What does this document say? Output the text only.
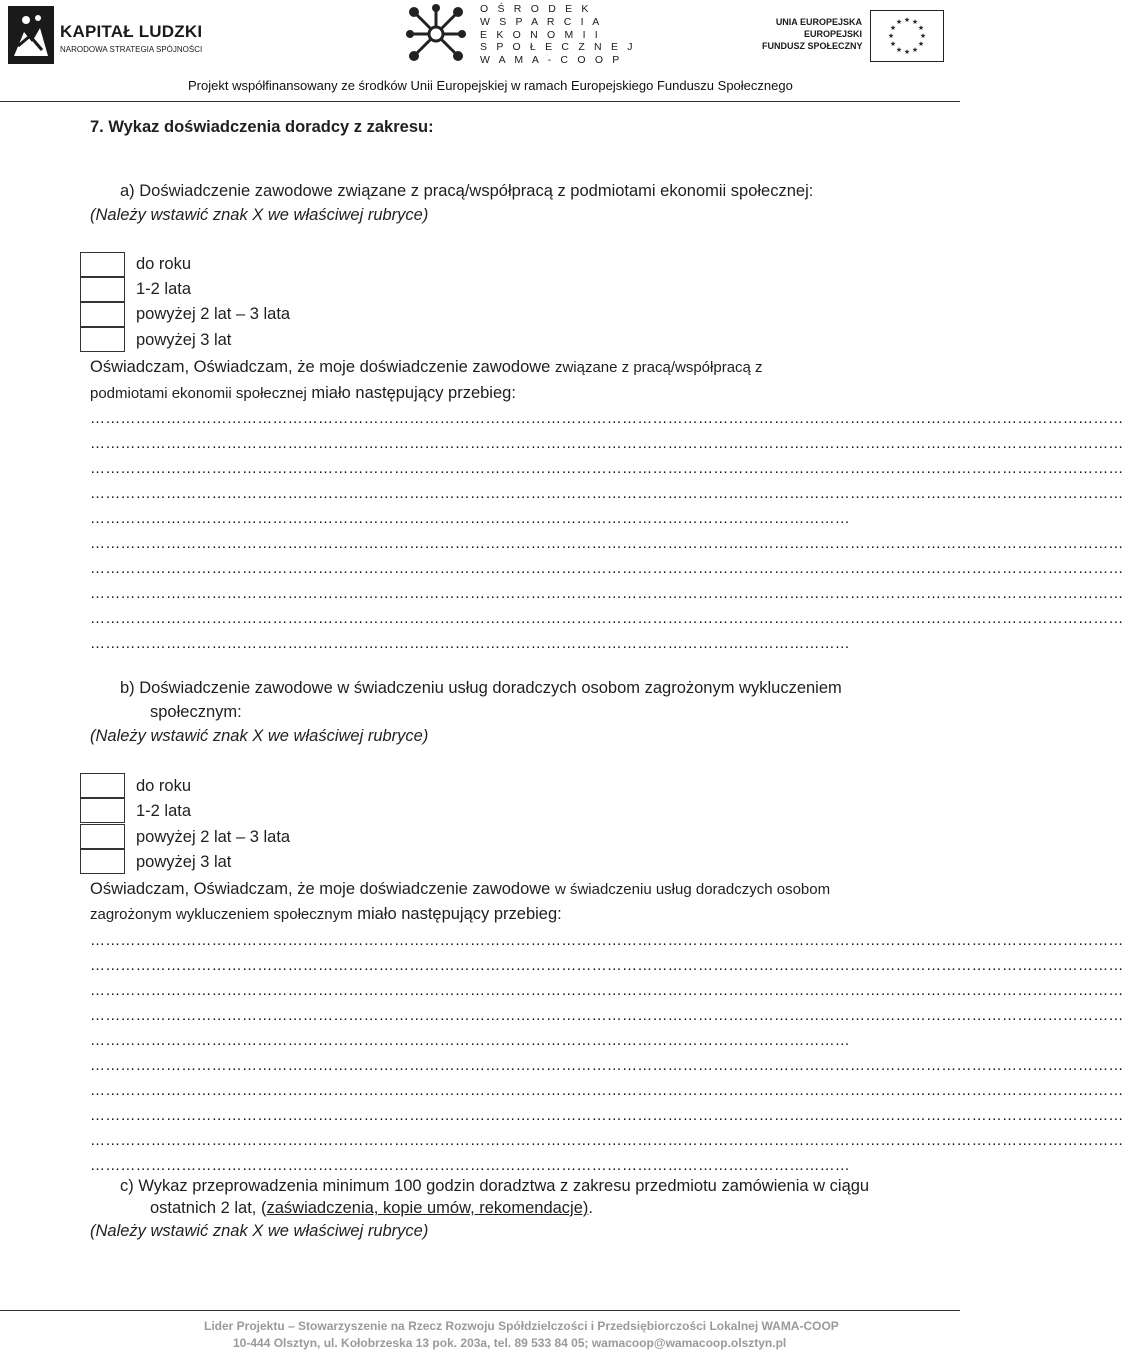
KAPITAŁ LUDZKI
NARODOWA STRATEGIA SPÓJNOŚCI
O Ś R O D E K
W S P A R C I A
E K O N O M I I
S P O Ł E C Z N E J
W A M A - C O O P
UNIA EUROPEJSKA
EUROPEJSKI
FUNDUSZ SPOŁECZNY
★ ★
★
★
★
★
★
★
★
★
★
★
Projekt współfinansowany ze środków Unii Europejskiej w ramach Europejskiego Funduszu Społecznego
7. Wykaz doświadczenia doradcy z zakresu:
a) Doświadczenie zawodowe związane z pracą/współpracą z podmiotami ekonomii społecznej:
(Należy wstawić znak X we właściwej rubryce)
do roku
1-2 lata
powyżej 2 lat – 3 lata
powyżej 3 lat
Oświadczam, Oświadczam, że moje doświadczenie zawodowe związane z pracą/współpracą z
podmiotami ekonomii społecznej miało następujący przebieg:
……………………………………………………………………………………………………………………………………………………………………………………
……………………………………………………………………………………………………………………………………………………………………………………
……………………………………………………………………………………………………………………………………………………………………………………
……………………………………………………………………………………………………………………………………………………………………………………
……………………………………………………………………………………………………………………………………
……………………………………………………………………………………………………………………………………………………………………………………
……………………………………………………………………………………………………………………………………………………………………………………
……………………………………………………………………………………………………………………………………………………………………………………
……………………………………………………………………………………………………………………………………………………………………………………
……………………………………………………………………………………………………………………………………
b) Doświadczenie zawodowe w świadczeniu usług doradczych osobom zagrożonym wykluczeniem
społecznym:
(Należy wstawić znak X we właściwej rubryce)
do roku
1-2 lata
powyżej 2 lat – 3 lata
powyżej 3 lat
Oświadczam, Oświadczam, że moje doświadczenie zawodowe w świadczeniu usług doradczych osobom
zagrożonym wykluczeniem społecznym miało następujący przebieg:
……………………………………………………………………………………………………………………………………………………………………………………
……………………………………………………………………………………………………………………………………………………………………………………
……………………………………………………………………………………………………………………………………………………………………………………
……………………………………………………………………………………………………………………………………………………………………………………
……………………………………………………………………………………………………………………………………
……………………………………………………………………………………………………………………………………………………………………………………
……………………………………………………………………………………………………………………………………………………………………………………
……………………………………………………………………………………………………………………………………………………………………………………
……………………………………………………………………………………………………………………………………………………………………………………
……………………………………………………………………………………………………………………………………
c) Wykaz przeprowadzenia minimum 100 godzin doradztwa z zakresu przedmiotu zamówienia w ciągu
ostatnich 2 lat, (zaświadczenia, kopie umów, rekomendacje).
(Należy wstawić znak X we właściwej rubryce)
Lider Projektu – Stowarzyszenie na Rzecz Rozwoju Spółdzielczości i Przedsiębiorczości Lokalnej WAMA-COOP
10-444 Olsztyn, ul. Kołobrzeska 13 pok. 203a, tel. 89 533 84 05; wamacoop@wamacoop.olsztyn.pl
